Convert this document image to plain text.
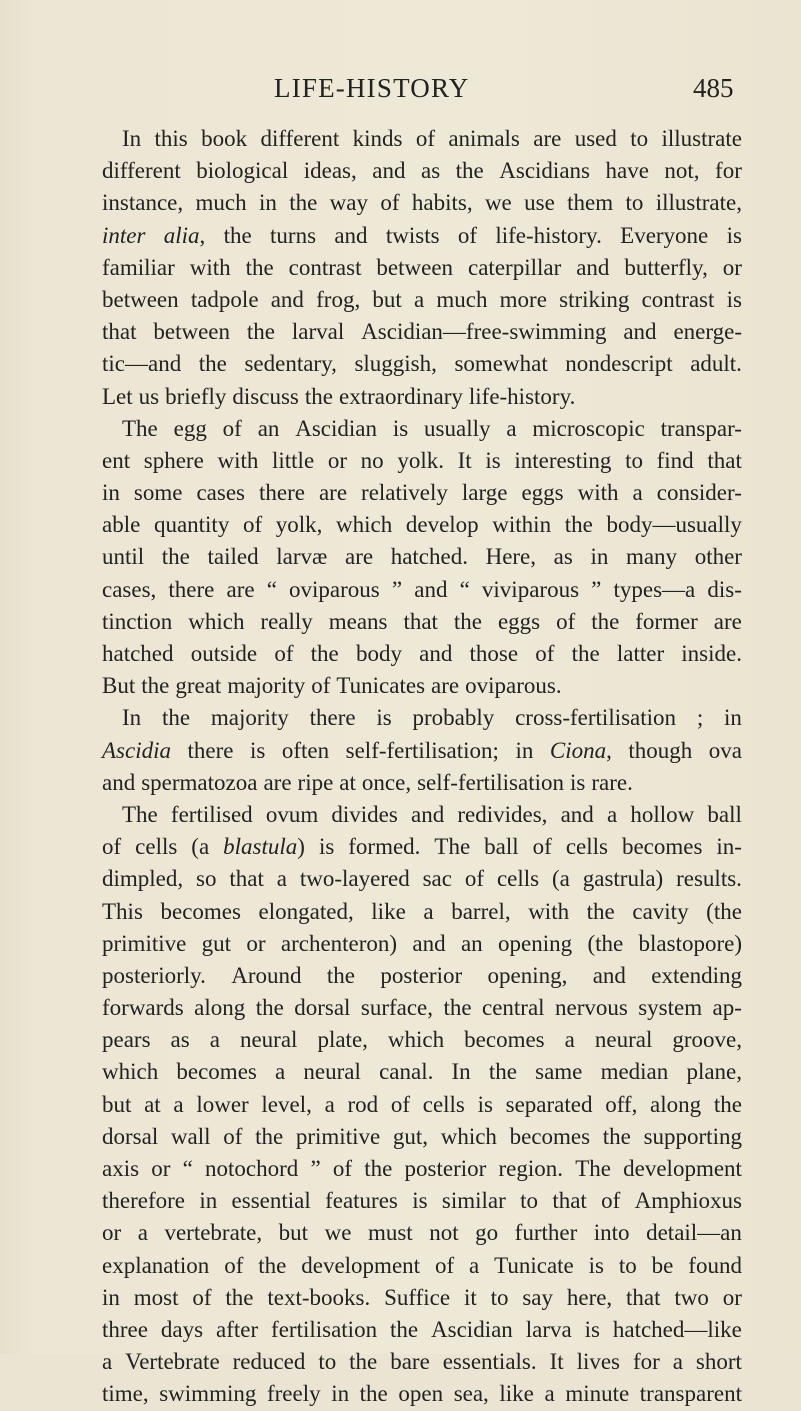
LIFE-HISTORY	485
In this book different kinds of animals are used to illustrate
different biological ideas, and as the Ascidians have not, for
instance, much in the way of habits, we use them to illustrate,
inter alia, the turns and twists of life-history. Everyone is
familiar with the contrast between caterpillar and butterfly, or
between tadpole and frog, but a much more striking contrast is
that between the larval Ascidian—free-swimming and energe-
tic—and the sedentary, sluggish, somewhat nondescript adult.
Let us briefly discuss the extraordinary life-history.
The egg of an Ascidian is usually a microscopic transpar-
ent sphere with little or no yolk. It is interesting to find that
in some cases there are relatively large eggs with a consider-
able quantity of yolk, which develop within the body—usually
until the tailed larvæ are hatched. Here, as in many other
cases, there are “ oviparous ” and “ viviparous ” types—a dis-
tinction which really means that the eggs of the former are
hatched outside of the body and those of the latter inside.
But the great majority of Tunicates are oviparous.
In the majority there is probably cross-fertilisation ; in
Ascidia there is often self-fertilisation; in Ciona, though ova
and spermatozoa are ripe at once, self-fertilisation is rare.
The fertilised ovum divides and redivides, and a hollow ball
of cells (a blastula) is formed. The ball of cells becomes in-
dimpled, so that a two-layered sac of cells (a gastrula) results.
This becomes elongated, like a barrel, with the cavity (the
primitive gut or archenteron) and an opening (the blastopore)
posteriorly. Around the posterior opening, and extending
forwards along the dorsal surface, the central nervous system ap-
pears as a neural plate, which becomes a neural groove,
which becomes a neural canal. In the same median plane,
but at a lower level, a rod of cells is separated off, along the
dorsal wall of the primitive gut, which becomes the supporting
axis or “ notochord ” of the posterior region. The development
therefore in essential features is similar to that of Amphioxus
or a vertebrate, but we must not go further into detail—an
explanation of the development of a Tunicate is to be found
in most of the text-books. Suffice it to say here, that two or
three days after fertilisation the Ascidian larva is hatched—like
a Vertebrate reduced to the bare essentials. It lives for a short
time, swimming freely in the open sea, like a minute transparent
